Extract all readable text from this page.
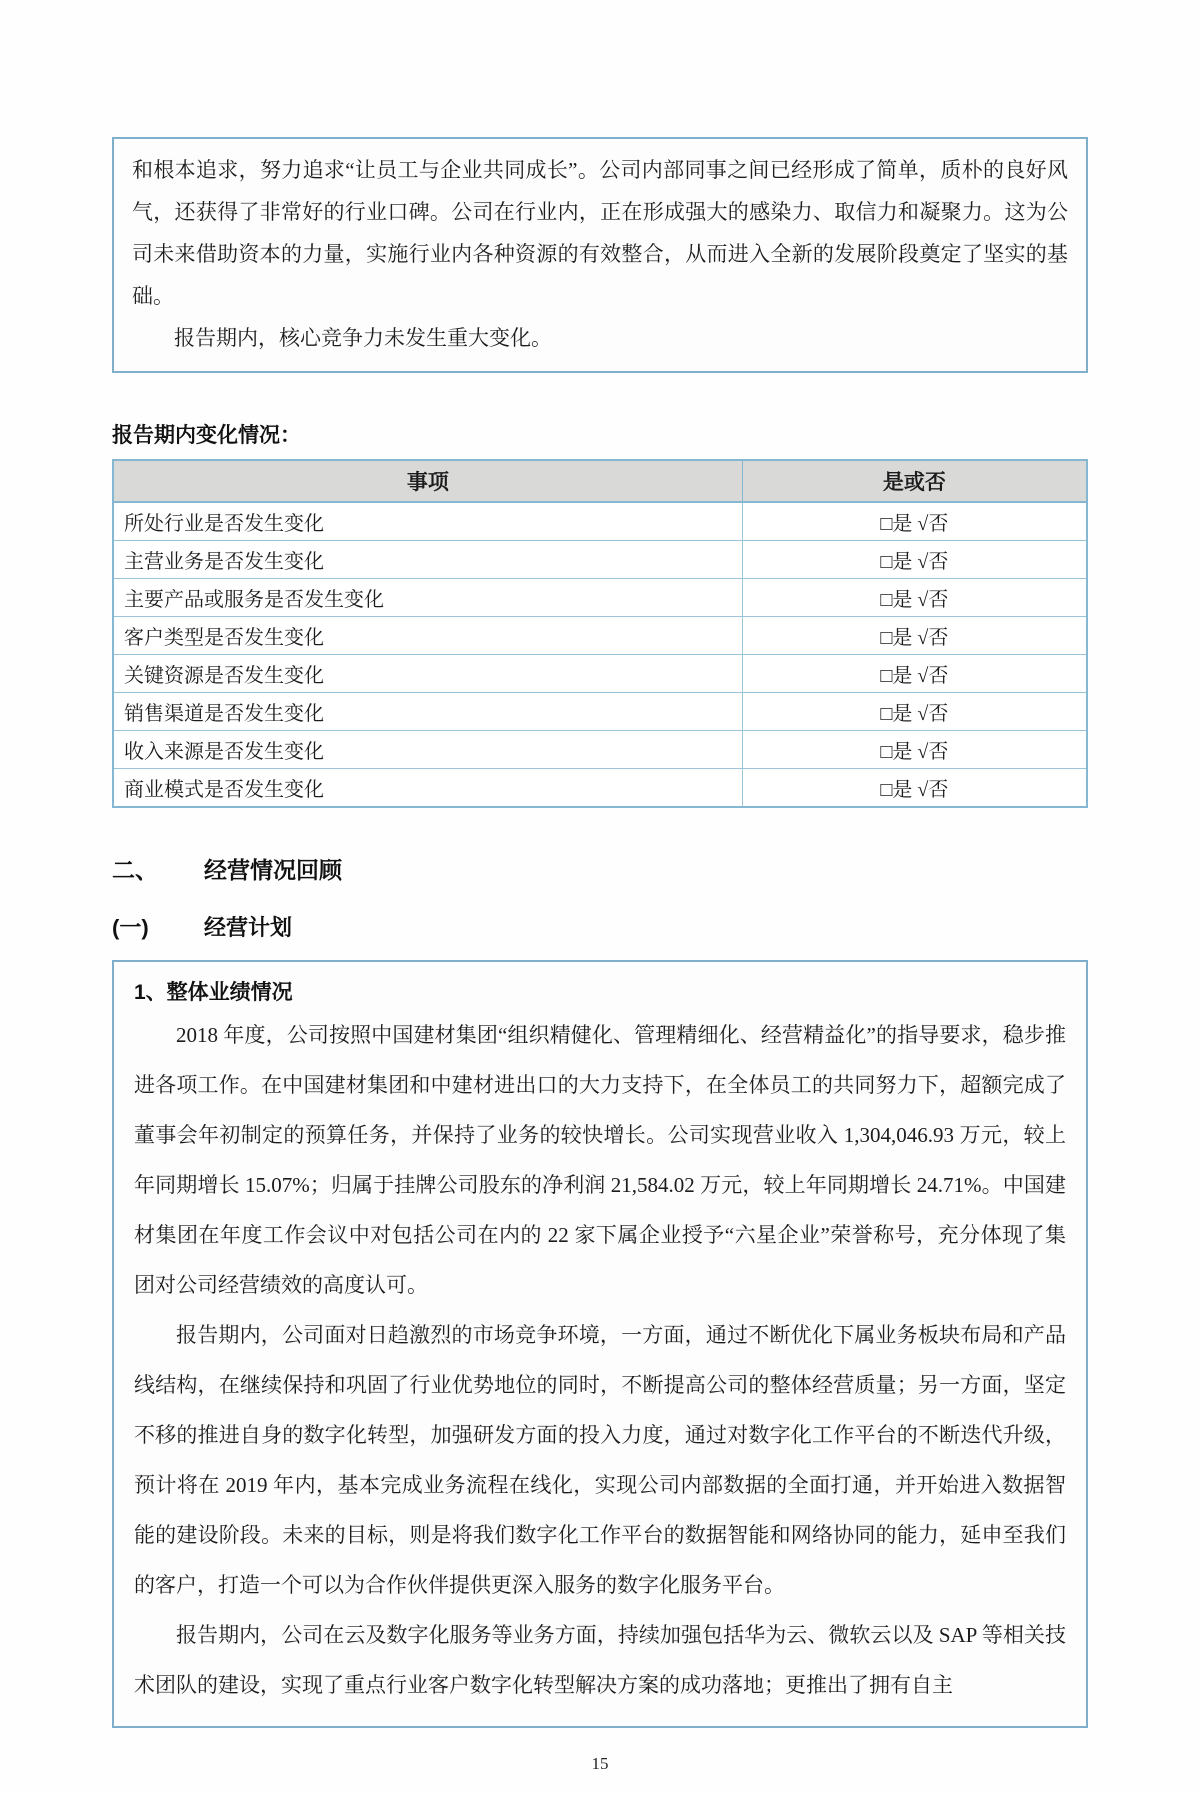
和根本追求，努力追求“让员工与企业共同成长”。公司内部同事之间已经形成了简单，质朴的良好风气，还获得了非常好的行业口碑。公司在行业内，正在形成强大的感染力、取信力和凝聚力。这为公司未来借助资本的力量，实施行业内各种资源的有效整合，从而进入全新的发展阶段奠定了坚实的基础。

报告期内，核心竞争力未发生重大变化。

报告期内变化情况：
事项	是或否
所处行业是否发生变化	□是 √否
主营业务是否发生变化	□是 √否
主要产品或服务是否发生变化	□是 √否
客户类型是否发生变化	□是 √否
关键资源是否发生变化	□是 √否
销售渠道是否发生变化	□是 √否
收入来源是否发生变化	□是 √否
商业模式是否发生变化	□是 √否
二、 经营情况回顾
(一)	经营计划
1、整体业绩情况

2018 年度，公司按照中国建材集团“组织精健化、管理精细化、经营精益化”的指导要求，稳步推进各项工作。在中国建材集团和中建材进出口的大力支持下，在全体员工的共同努力下，超额完成了董事会年初制定的预算任务，并保持了业务的较快增长。公司实现营业收入 1,304,046.93 万元，较上年同期增长 15.07%；归属于挂牌公司股东的净利润 21,584.02 万元，较上年同期增长 24.71%。中国建材集团在年度工作会议中对包括公司在内的 22 家下属企业授予“六星企业”荣誉称号，充分体现了集团对公司经营绩效的高度认可。

报告期内，公司面对日趋激烈的市场竞争环境，一方面，通过不断优化下属业务板块布局和产品线结构，在继续保持和巩固了行业优势地位的同时，不断提高公司的整体经营质量；另一方面，坚定不移的推进自身的数字化转型，加强研发方面的投入力度，通过对数字化工作平台的不断迭代升级，预计将在 2019 年内，基本完成业务流程在线化，实现公司内部数据的全面打通，并开始进入数据智能的建设阶段。未来的目标，则是将我们数字化工作平台的数据智能和网络协同的能力，延申至我们的客户，打造一个可以为合作伙伴提供更深入服务的数字化服务平台。

报告期内，公司在云及数字化服务等业务方面，持续加强包括华为云、微软云以及 SAP 等相关技术团队的建设，实现了重点行业客户数字化转型解决方案的成功落地；更推出了拥有自主

15
